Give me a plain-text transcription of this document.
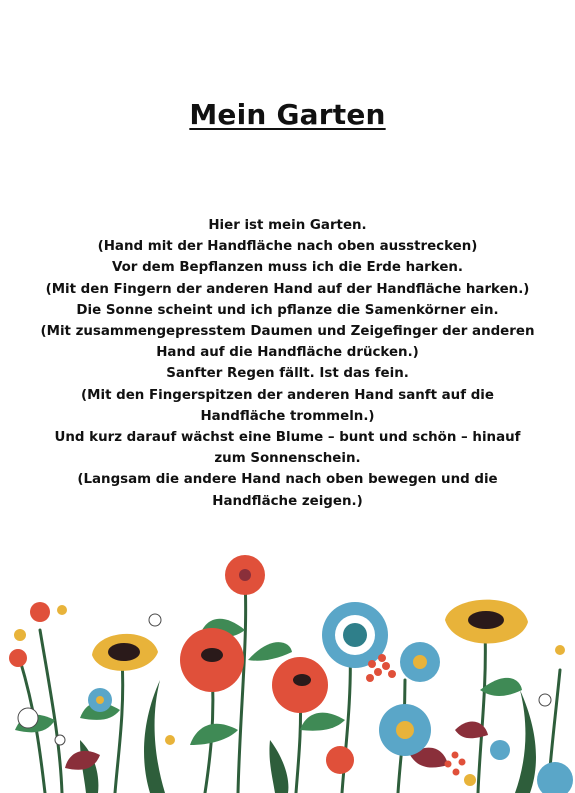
Mein Garten

Hier ist mein Garten.

(Hand mit der Handfläche nach oben ausstrecken)

Vor dem Bepflanzen muss ich die Erde harken.

(Mit den Fingern der anderen Hand auf der Handfläche harken.)

Die Sonne scheint und ich pflanze die Samenkörner ein.

(Mit zusammengepresstem Daumen und Zeigefinger der anderen Hand auf die Handfläche drücken.)

Sanfter Regen fällt. Ist das fein.

(Mit den Fingerspitzen der anderen Hand sanft auf die Handfläche trommeln.)

Und kurz darauf wächst eine Blume – bunt und schön – hinauf zum Sonnenschein.

(Langsam die andere Hand nach oben bewegen und die Handfläche zeigen.)
